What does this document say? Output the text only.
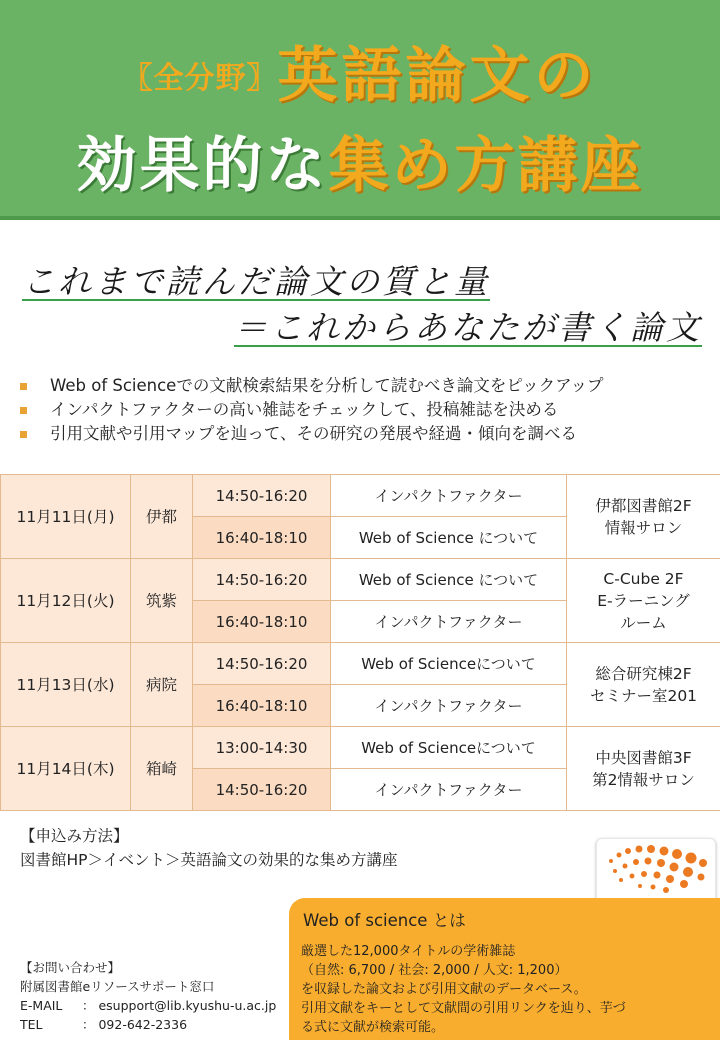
〖全分野〗英語論文の
効果的な集め方講座
これまで読んだ論文の質と量
＝これからあなたが書く論文
Web of Scienceでの文献検索結果を分析して読むべき論文をピックアップ
インパクトファクターの高い雑誌をチェックして、投稿雑誌を決める
引用文献や引用マップを辿って、その研究の発展や経過・傾向を調べる
11月11日(月)	伊都	14:50-16:20	インパクトファクター	伊都図書館2F
情報サロン

		16:40-18:10	Web of Science について	
11月12日(火)	筑紫	14:50-16:20	Web of Science について	C-Cube 2F
E-ラーニング
ルーム

		16:40-18:10	インパクトファクター	
11月13日(水)	病院	14:50-16:20	Web of Scienceについて	総合研究棟2F
セミナー室201

		16:40-18:10	インパクトファクター	
11月14日(木)	箱崎	13:00-14:30	Web of Scienceについて	中央図書館3F
第2情報サロン

		14:50-16:20	インパクトファクター	
【申込み方法】
図書館HP＞イベント＞英語論文の効果的な集め方講座
Web of science とは
厳選した12,000タイトルの学術雑誌
（自然: 6,700 / 社会: 2,000 / 人文: 1,200）
を収録した論文および引用文献のデータベース。
引用文献をキーとして文献間の引用リンクを辿り、芋づ
る式に文献が検索可能。
【お問い合わせ】
附属図書館eリソースサポート窓口
E-MAIL ： esupport@lib.kyushu-u.ac.jp
TEL	： 092-642-2336
